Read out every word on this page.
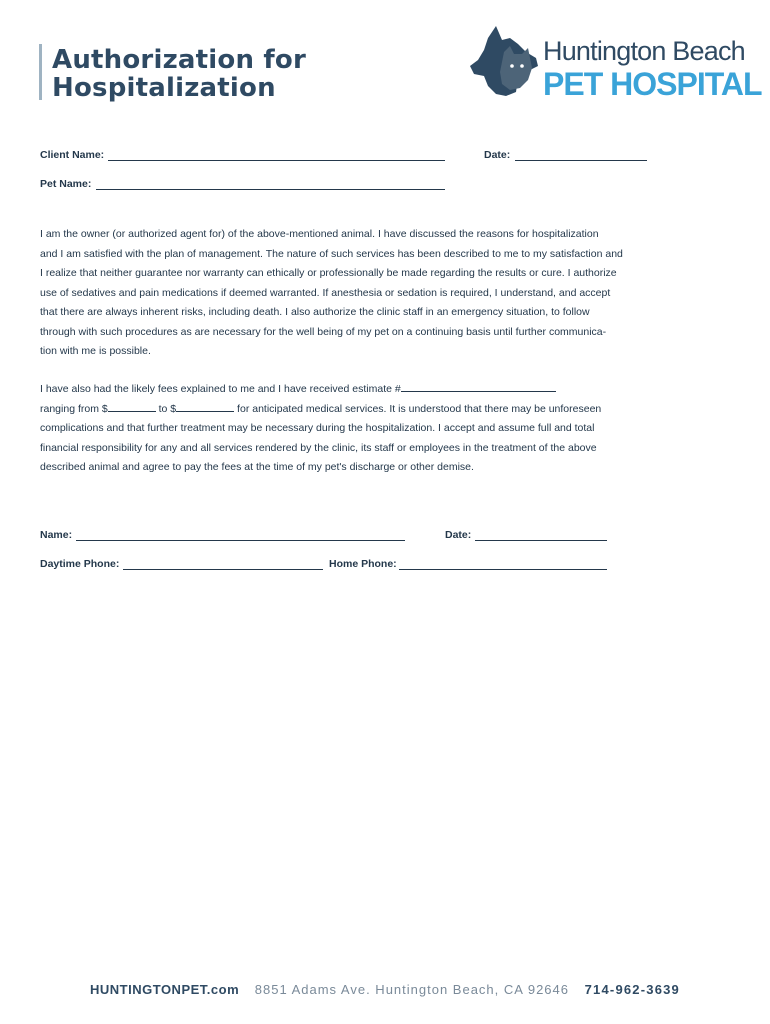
Authorization for
Hospitalization
Huntington Beach
PET HOSPITAL
Client Name:	Date:
Pet Name:

I am the owner (or authorized agent for) of the above-mentioned animal. I have discussed the reasons for hospitalization

and I am satisfied with the plan of management. The nature of such services has been described to me to my satisfaction and

I realize that neither guarantee nor warranty can ethically or professionally be made regarding the results or cure. I authorize

use of sedatives and pain medications if deemed warranted. If anesthesia or sedation is required, I understand, and accept

that there are always inherent risks, including death. I also authorize the clinic staff in an emergency situation, to follow

through with such procedures as are necessary for the well being of my pet on a continuing basis until further communica-

tion with me is possible.

I have also had the likely fees explained to me and I have received estimate #

ranging from $	to $	for anticipated medical services. It is understood that there may be unforeseen

complications and that further treatment may be necessary during the hospitalization. I accept and assume full and total

financial responsibility for any and all services rendered by the clinic, its staff or employees in the treatment of the above

described animal and agree to pay the fees at the time of my pet's discharge or other demise.

Name:	Date:
Daytime Phone:	Home Phone:
HUNTINGTONPET.com 8851 Adams Ave. Huntington Beach, CA 92646 714-962-3639
